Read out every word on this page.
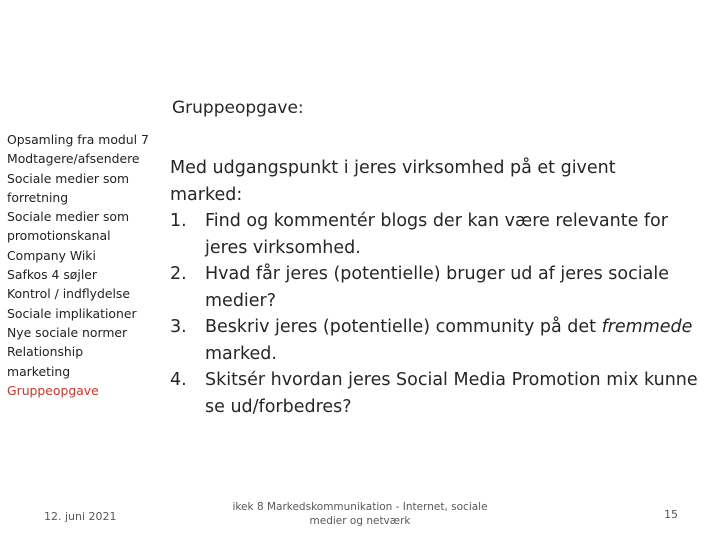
Gruppeopgave:
Opsamling fra modul 7
Modtagere/afsendere
Sociale medier som forretning
Sociale medier som promotionskanal
Company Wiki
Safkos 4 søjler
Kontrol / indflydelse
Sociale implikationer
Nye sociale normer
Relationship marketing
Gruppeopgave
Med udgangspunkt i jeres virksomhed på et givent marked:
1. Find og kommentér blogs der kan være relevante for jeres virksomhed.
2. Hvad får jeres (potentielle) bruger ud af jeres sociale medier?
3. Beskriv jeres (potentielle) community på det fremmede marked.
4. Skitsér hvordan jeres Social Media Promotion mix kunne se ud/forbedres?
12. juni 2021
ikek 8 Markedskommunikation - Internet, sociale medier og netværk	15
